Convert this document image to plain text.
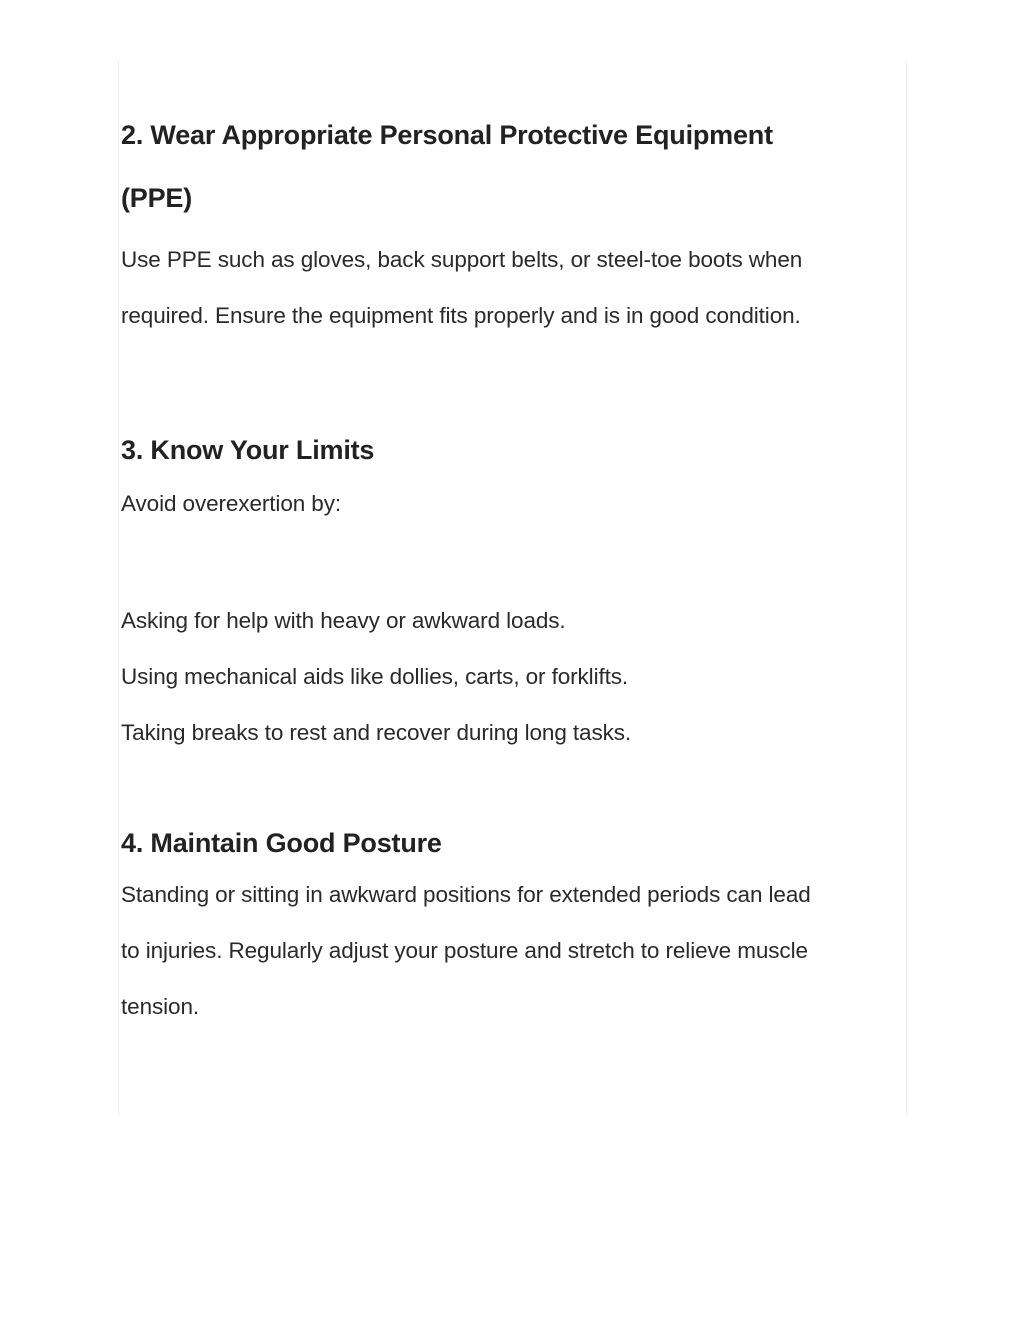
2. Wear Appropriate Personal Protective Equipment
(PPE)

Use PPE such as gloves, back support belts, or steel-toe boots when

required. Ensure the equipment fits properly and is in good condition.

3. Know Your Limits

Avoid overexertion by:

Asking for help with heavy or awkward loads.

Using mechanical aids like dollies, carts, or forklifts.

Taking breaks to rest and recover during long tasks.

4. Maintain Good Posture

Standing or sitting in awkward positions for extended periods can lead

to injuries. Regularly adjust your posture and stretch to relieve muscle

tension.
